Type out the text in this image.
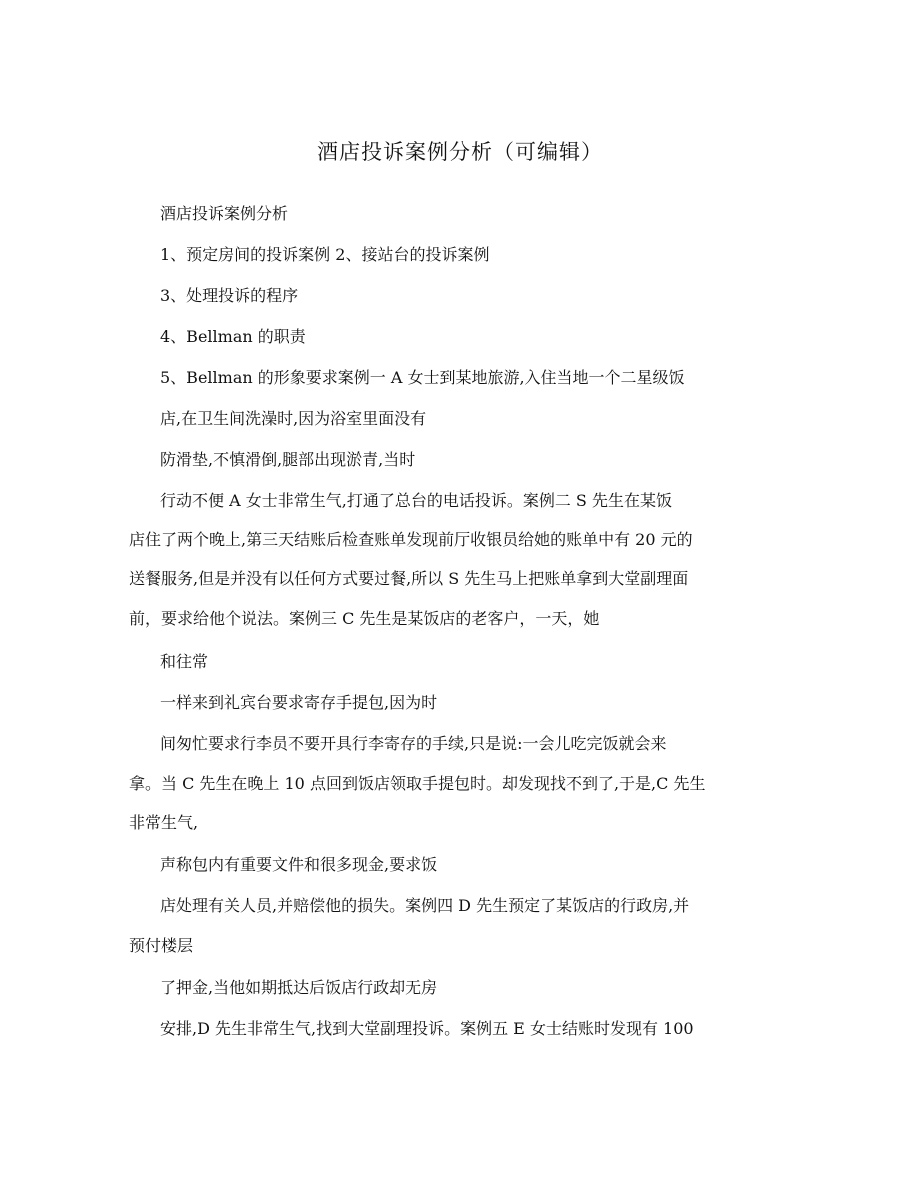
酒店投诉案例分析（可编辑）
酒店投诉案例分析
1、预定房间的投诉案例 2、接站台的投诉案例
3、处理投诉的程序
4、Bellman 的职责
5、Bellman 的形象要求案例一 A 女士到某地旅游,入住当地一个二星级饭
店,在卫生间洗澡时,因为浴室里面没有
防滑垫,不慎滑倒,腿部出现淤青,当时
行动不便 A 女士非常生气,打通了总台的电话投诉。案例二 S 先生在某饭
店住了两个晚上,第三天结账后检查账单发现前厅收银员给她的账单中有 20 元的
送餐服务,但是并没有以任何方式要过餐,所以 S 先生马上把账单拿到大堂副理面
前，要求给他个说法。案例三 C 先生是某饭店的老客户，一天，她
和往常
一样来到礼宾台要求寄存手提包,因为时
间匆忙要求行李员不要开具行李寄存的手续,只是说:一会儿吃完饭就会来
拿。当 C 先生在晚上 10 点回到饭店领取手提包时。却发现找不到了,于是,C 先生
非常生气,
声称包内有重要文件和很多现金,要求饭
店处理有关人员,并赔偿他的损失。案例四 D 先生预定了某饭店的行政房,并
预付楼层
了押金,当他如期抵达后饭店行政却无房
安排,D 先生非常生气,找到大堂副理投诉。案例五 E 女士结账时发现有 100
